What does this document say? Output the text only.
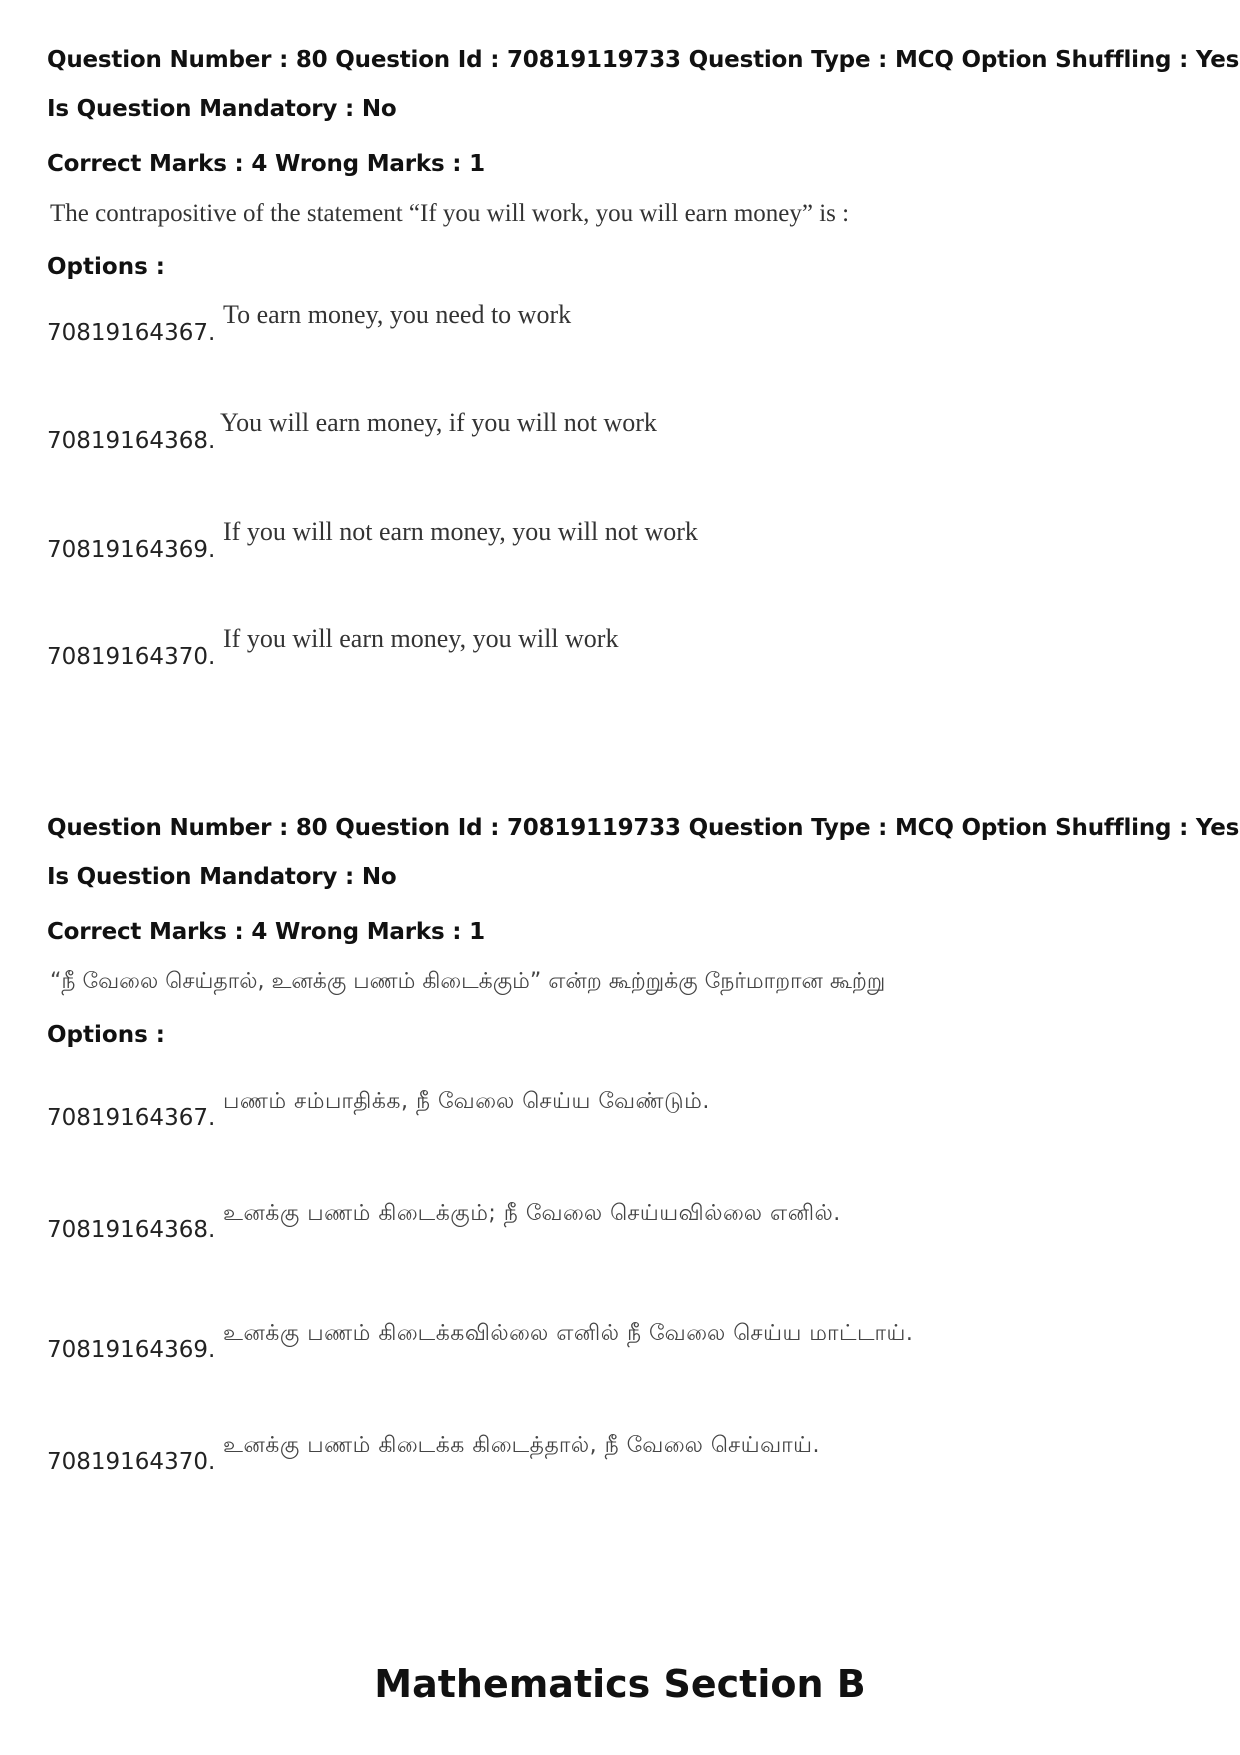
Question Number : 80 Question Id : 70819119733 Question Type : MCQ Option Shuffling : Yes
Is Question Mandatory : No
Correct Marks : 4 Wrong Marks : 1
The contrapositive of the statement “If you will work, you will earn money” is :
Options :
70819164367.
To earn money, you need to work
70819164368.
You will earn money, if you will not work
70819164369.
If you will not earn money, you will not work
70819164370.
If you will earn money, you will work
Question Number : 80 Question Id : 70819119733 Question Type : MCQ Option Shuffling : Yes
Is Question Mandatory : No
Correct Marks : 4 Wrong Marks : 1
“நீ வேலை செய்தால், உனக்கு பணம் கிடைக்கும்” என்ற கூற்றுக்கு நேர்மாறான கூற்று
Options :
70819164367.
பணம் சம்பாதிக்க, நீ வேலை செய்ய வேண்டும்.
70819164368.
உனக்கு பணம் கிடைக்கும்; நீ வேலை செய்யவில்லை எனில்.
70819164369.
உனக்கு பணம் கிடைக்கவில்லை எனில் நீ வேலை செய்ய மாட்டாய்.
70819164370.
உனக்கு பணம் கிடைக்க கிடைத்தால், நீ வேலை செய்வாய்.
Mathematics Section B
